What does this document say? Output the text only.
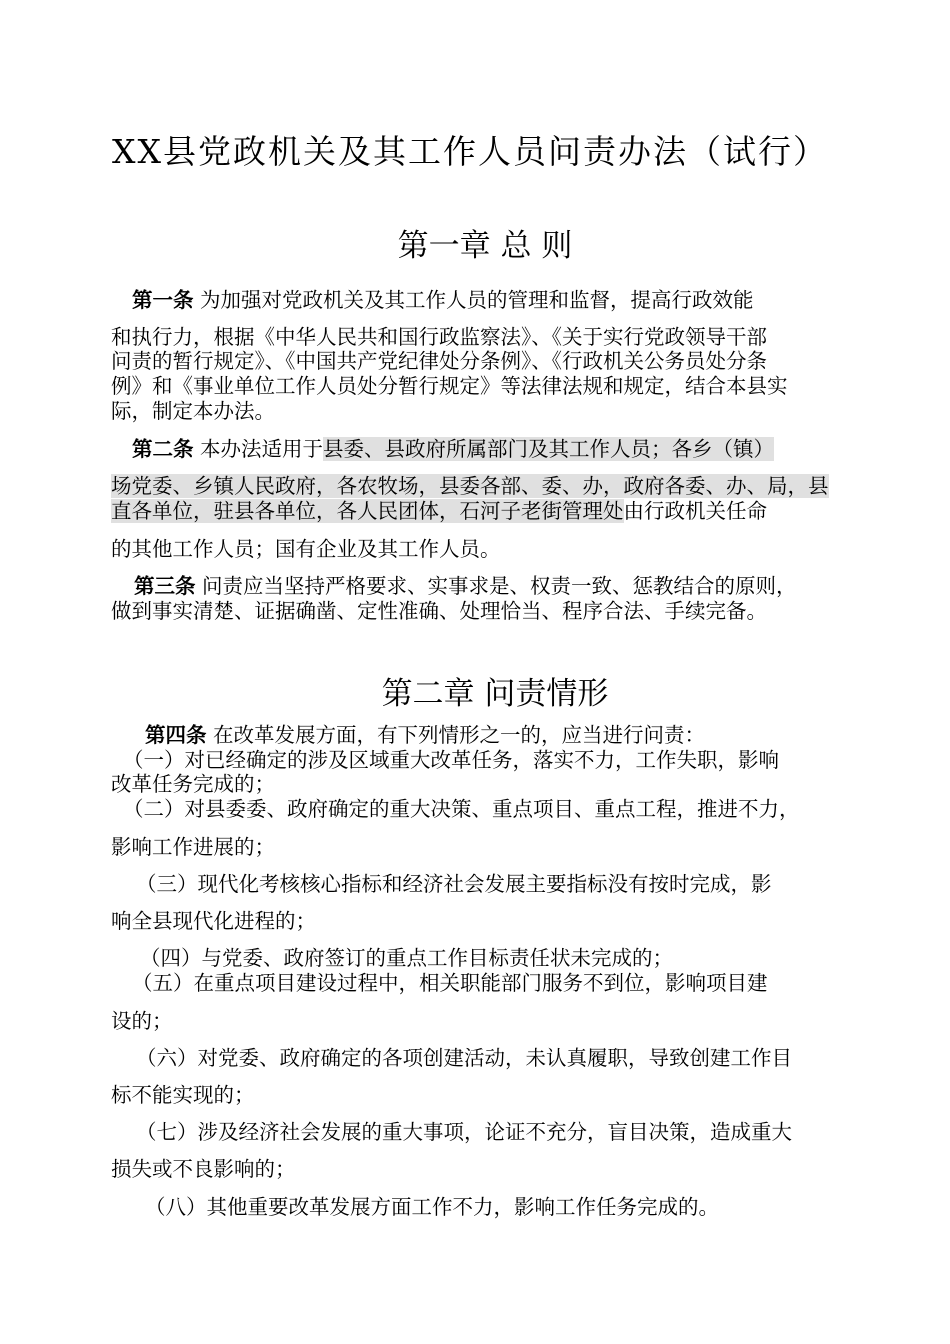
XX县党政机关及其工作人员问责办法（试行）
第一章 总 则
第一条 为加强对党政机关及其工作人员的管理和监督，提高行政效能
和执行力，根据《中华人民共和国行政监察法》、《关于实行党政领导干部
问责的暂行规定》、《中国共产党纪律处分条例》、《行政机关公务员处分条
例》和《事业单位工作人员处分暂行规定》等法律法规和规定，结合本县实
际，制定本办法。
第二条 本办法适用于县委、县政府所属部门及其工作人员；各乡（镇）
场党委、乡镇人民政府，各农牧场，县委各部、委、办，政府各委、办、局，县
直各单位，驻县各单位，各人民团体，石河子老街管理处由行政机关任命
的其他工作人员；国有企业及其工作人员。
第三条 问责应当坚持严格要求、实事求是、权责一致、惩教结合的原则，
做到事实清楚、证据确凿、定性准确、处理恰当、程序合法、手续完备。
第二章 问责情形
第四条 在改革发展方面，有下列情形之一的，应当进行问责：
（一）对已经确定的涉及区域重大改革任务，落实不力，工作失职，影响
改革任务完成的；
（二）对县委委、政府确定的重大决策、重点项目、重点工程，推进不力，
影响工作进展的；
（三）现代化考核核心指标和经济社会发展主要指标没有按时完成，影
响全县现代化进程的；
（四）与党委、政府签订的重点工作目标责任状未完成的；
（五）在重点项目建设过程中，相关职能部门服务不到位，影响项目建
设的；
（六）对党委、政府确定的各项创建活动，未认真履职，导致创建工作目
标不能实现的；
（七）涉及经济社会发展的重大事项，论证不充分，盲目决策，造成重大
损失或不良影响的；
（八）其他重要改革发展方面工作不力，影响工作任务完成的。
